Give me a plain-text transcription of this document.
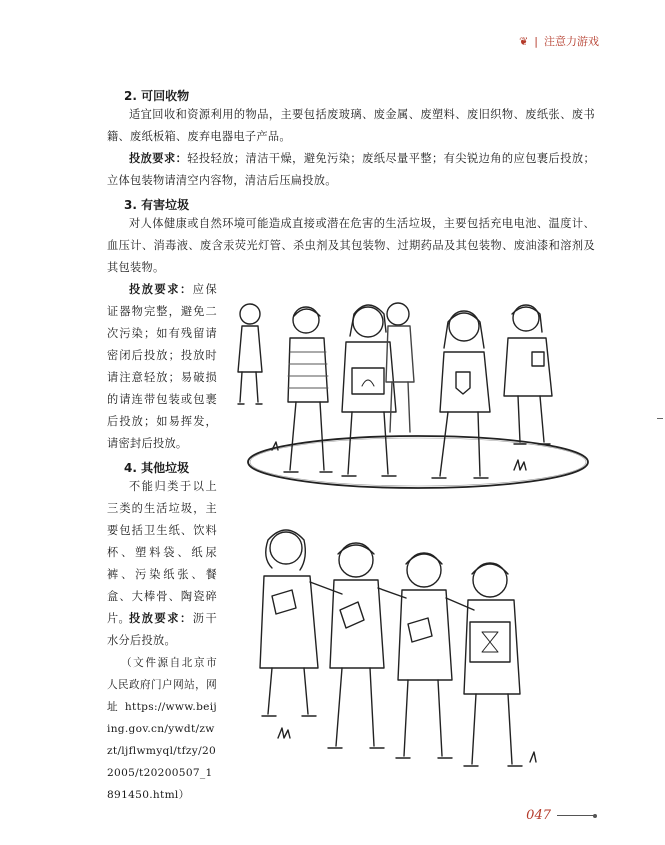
❦ | 注意力游戏
2. 可回收物
适宜回收和资源利用的物品，主要包括废玻璃、废金属、废塑料、废旧织物、废纸张、废书籍、废纸板箱、废弃电器电子产品。
投放要求：轻投轻放；清洁干燥，避免污染；废纸尽量平整；有尖锐边角的应包裹后投放；立体包装物请清空内容物，清洁后压扁投放。
3. 有害垃圾
对人体健康或自然环境可能造成直接或潜在危害的生活垃圾，主要包括充电电池、温度计、血压计、消毒液、废含汞荧光灯管、杀虫剂及其包装物、过期药品及其包装物、废油漆和溶剂及其包装物。
投放要求：应保证器物完整，避免二次污染；如有残留请密闭后投放；投放时请注意轻放；易破损的请连带包装或包裹后投放；如易挥发，请密封后投放。
4. 其他垃圾
不能归类于以上三类的生活垃圾，主要包括卫生纸、饮料杯、塑料袋、纸尿裤、污染纸张、餐盒、大棒骨、陶瓷碎片。 投放要求：沥干水分后投放。
（文件源自北京市人民政府门户网站，网址 https://www.beijing.gov.cn/ywdt/zwzt/ljflwmyql/tfzy/202005/t20200507_1891450.html）
047
